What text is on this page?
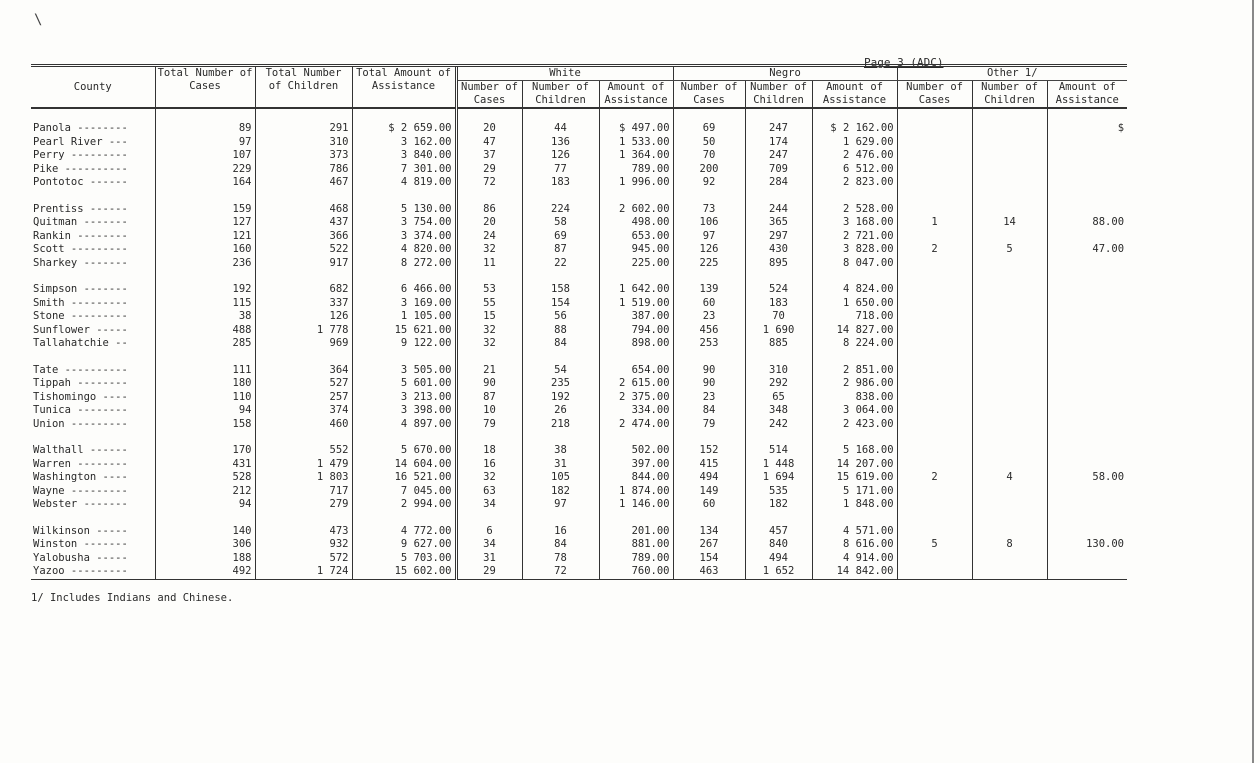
\
Page 3 (ADC)
County	Total Number of Cases	Total Number of Children	Total Amount of Assistance	White			Negro			Other 1/		
				Number of Cases	Number of Children	Amount of Assistance	Number of Cases	Number of Children	Amount of Assistance	Number of Cases	Number of Children	Amount of Assistance

Panola --------	89	291	$ 2 659.00	20	44	$ 497.00	69	247	$ 2 162.00			$
Pearl River ---	97	310	3 162.00	47	136	1 533.00	50	174	1 629.00			
Perry ---------	107	373	3 840.00	37	126	1 364.00	70	247	2 476.00			
Pike ----------	229	786	7 301.00	29	77	789.00	200	709	6 512.00			
Pontotoc ------	164	467	4 819.00	72	183	1 996.00	92	284	2 823.00			

Prentiss ------	159	468	5 130.00	86	224	2 602.00	73	244	2 528.00			
Quitman -------	127	437	3 754.00	20	58	498.00	106	365	3 168.00	1	14	88.00
Rankin --------	121	366	3 374.00	24	69	653.00	97	297	2 721.00			
Scott ---------	160	522	4 820.00	32	87	945.00	126	430	3 828.00	2	5	47.00
Sharkey -------	236	917	8 272.00	11	22	225.00	225	895	8 047.00			

Simpson -------	192	682	6 466.00	53	158	1 642.00	139	524	4 824.00			
Smith ---------	115	337	3 169.00	55	154	1 519.00	60	183	1 650.00			
Stone ---------	38	126	1 105.00	15	56	387.00	23	70	718.00			
Sunflower -----	488	1 778	15 621.00	32	88	794.00	456	1 690	14 827.00			
Tallahatchie --	285	969	9 122.00	32	84	898.00	253	885	8 224.00			

Tate ----------	111	364	3 505.00	21	54	654.00	90	310	2 851.00			
Tippah --------	180	527	5 601.00	90	235	2 615.00	90	292	2 986.00			
Tishomingo ----	110	257	3 213.00	87	192	2 375.00	23	65	838.00			
Tunica --------	94	374	3 398.00	10	26	334.00	84	348	3 064.00			
Union ---------	158	460	4 897.00	79	218	2 474.00	79	242	2 423.00			

Walthall ------	170	552	5 670.00	18	38	502.00	152	514	5 168.00			
Warren --------	431	1 479	14 604.00	16	31	397.00	415	1 448	14 207.00			
Washington ----	528	1 803	16 521.00	32	105	844.00	494	1 694	15 619.00	2	4	58.00
Wayne ---------	212	717	7 045.00	63	182	1 874.00	149	535	5 171.00			
Webster -------	94	279	2 994.00	34	97	1 146.00	60	182	1 848.00			

Wilkinson -----	140	473	4 772.00	6	16	201.00	134	457	4 571.00			
Winston -------	306	932	9 627.00	34	84	881.00	267	840	8 616.00	5	8	130.00
Yalobusha -----	188	572	5 703.00	31	78	789.00	154	494	4 914.00			
Yazoo ---------	492	1 724	15 602.00	29	72	760.00	463	1 652	14 842.00			
1/ Includes Indians and Chinese.
